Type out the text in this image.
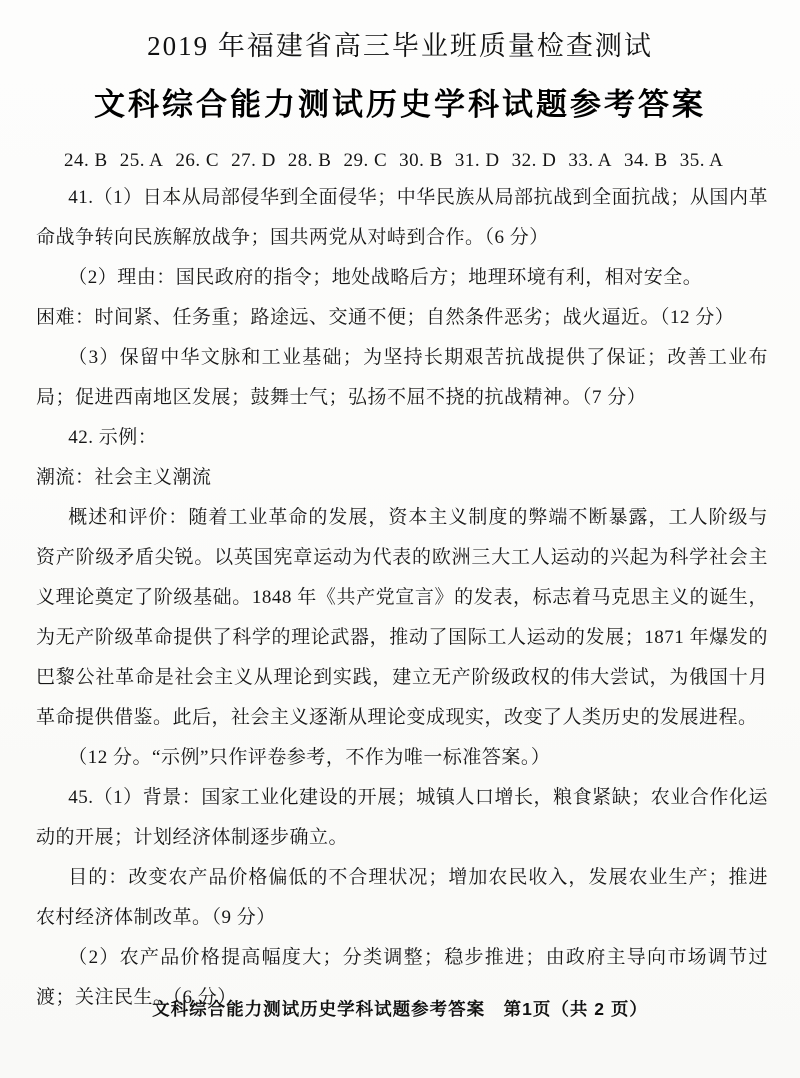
2019 年福建省高三毕业班质量检查测试
文科综合能力测试历史学科试题参考答案
24. B 25. A 26. C 27. D 28. B 29. C 30. B 31. D 32. D 33. A 34. B 35. A

41.（1）日本从局部侵华到全面侵华；中华民族从局部抗战到全面抗战；从国内革命战争转向民族解放战争；国共两党从对峙到合作。（6 分）

（2）理由：国民政府的指令；地处战略后方；地理环境有利，相对安全。

困难：时间紧、任务重；路途远、交通不便；自然条件恶劣；战火逼近。（12 分）

（3）保留中华文脉和工业基础；为坚持长期艰苦抗战提供了保证；改善工业布局；促进西南地区发展；鼓舞士气；弘扬不屈不挠的抗战精神。（7 分）

42. 示例：

潮流：社会主义潮流

概述和评价：随着工业革命的发展，资本主义制度的弊端不断暴露，工人阶级与资产阶级矛盾尖锐。以英国宪章运动为代表的欧洲三大工人运动的兴起为科学社会主义理论奠定了阶级基础。1848 年《共产党宣言》的发表，标志着马克思主义的诞生，为无产阶级革命提供了科学的理论武器，推动了国际工人运动的发展；1871 年爆发的巴黎公社革命是社会主义从理论到实践，建立无产阶级政权的伟大尝试，为俄国十月革命提供借鉴。此后，社会主义逐渐从理论变成现实，改变了人类历史的发展进程。

（12 分。“示例”只作评卷参考，不作为唯一标准答案。）

45.（1）背景：国家工业化建设的开展；城镇人口增长，粮食紧缺；农业合作化运动的开展；计划经济体制逐步确立。

目的：改变农产品价格偏低的不合理状况；增加农民收入，发展农业生产；推进农村经济体制改革。（9 分）

（2）农产品价格提高幅度大；分类调整；稳步推进；由政府主导向市场调节过渡；关注民生。（6 分）

文科综合能力测试历史学科试题参考答案　第1页（共 2 页）
